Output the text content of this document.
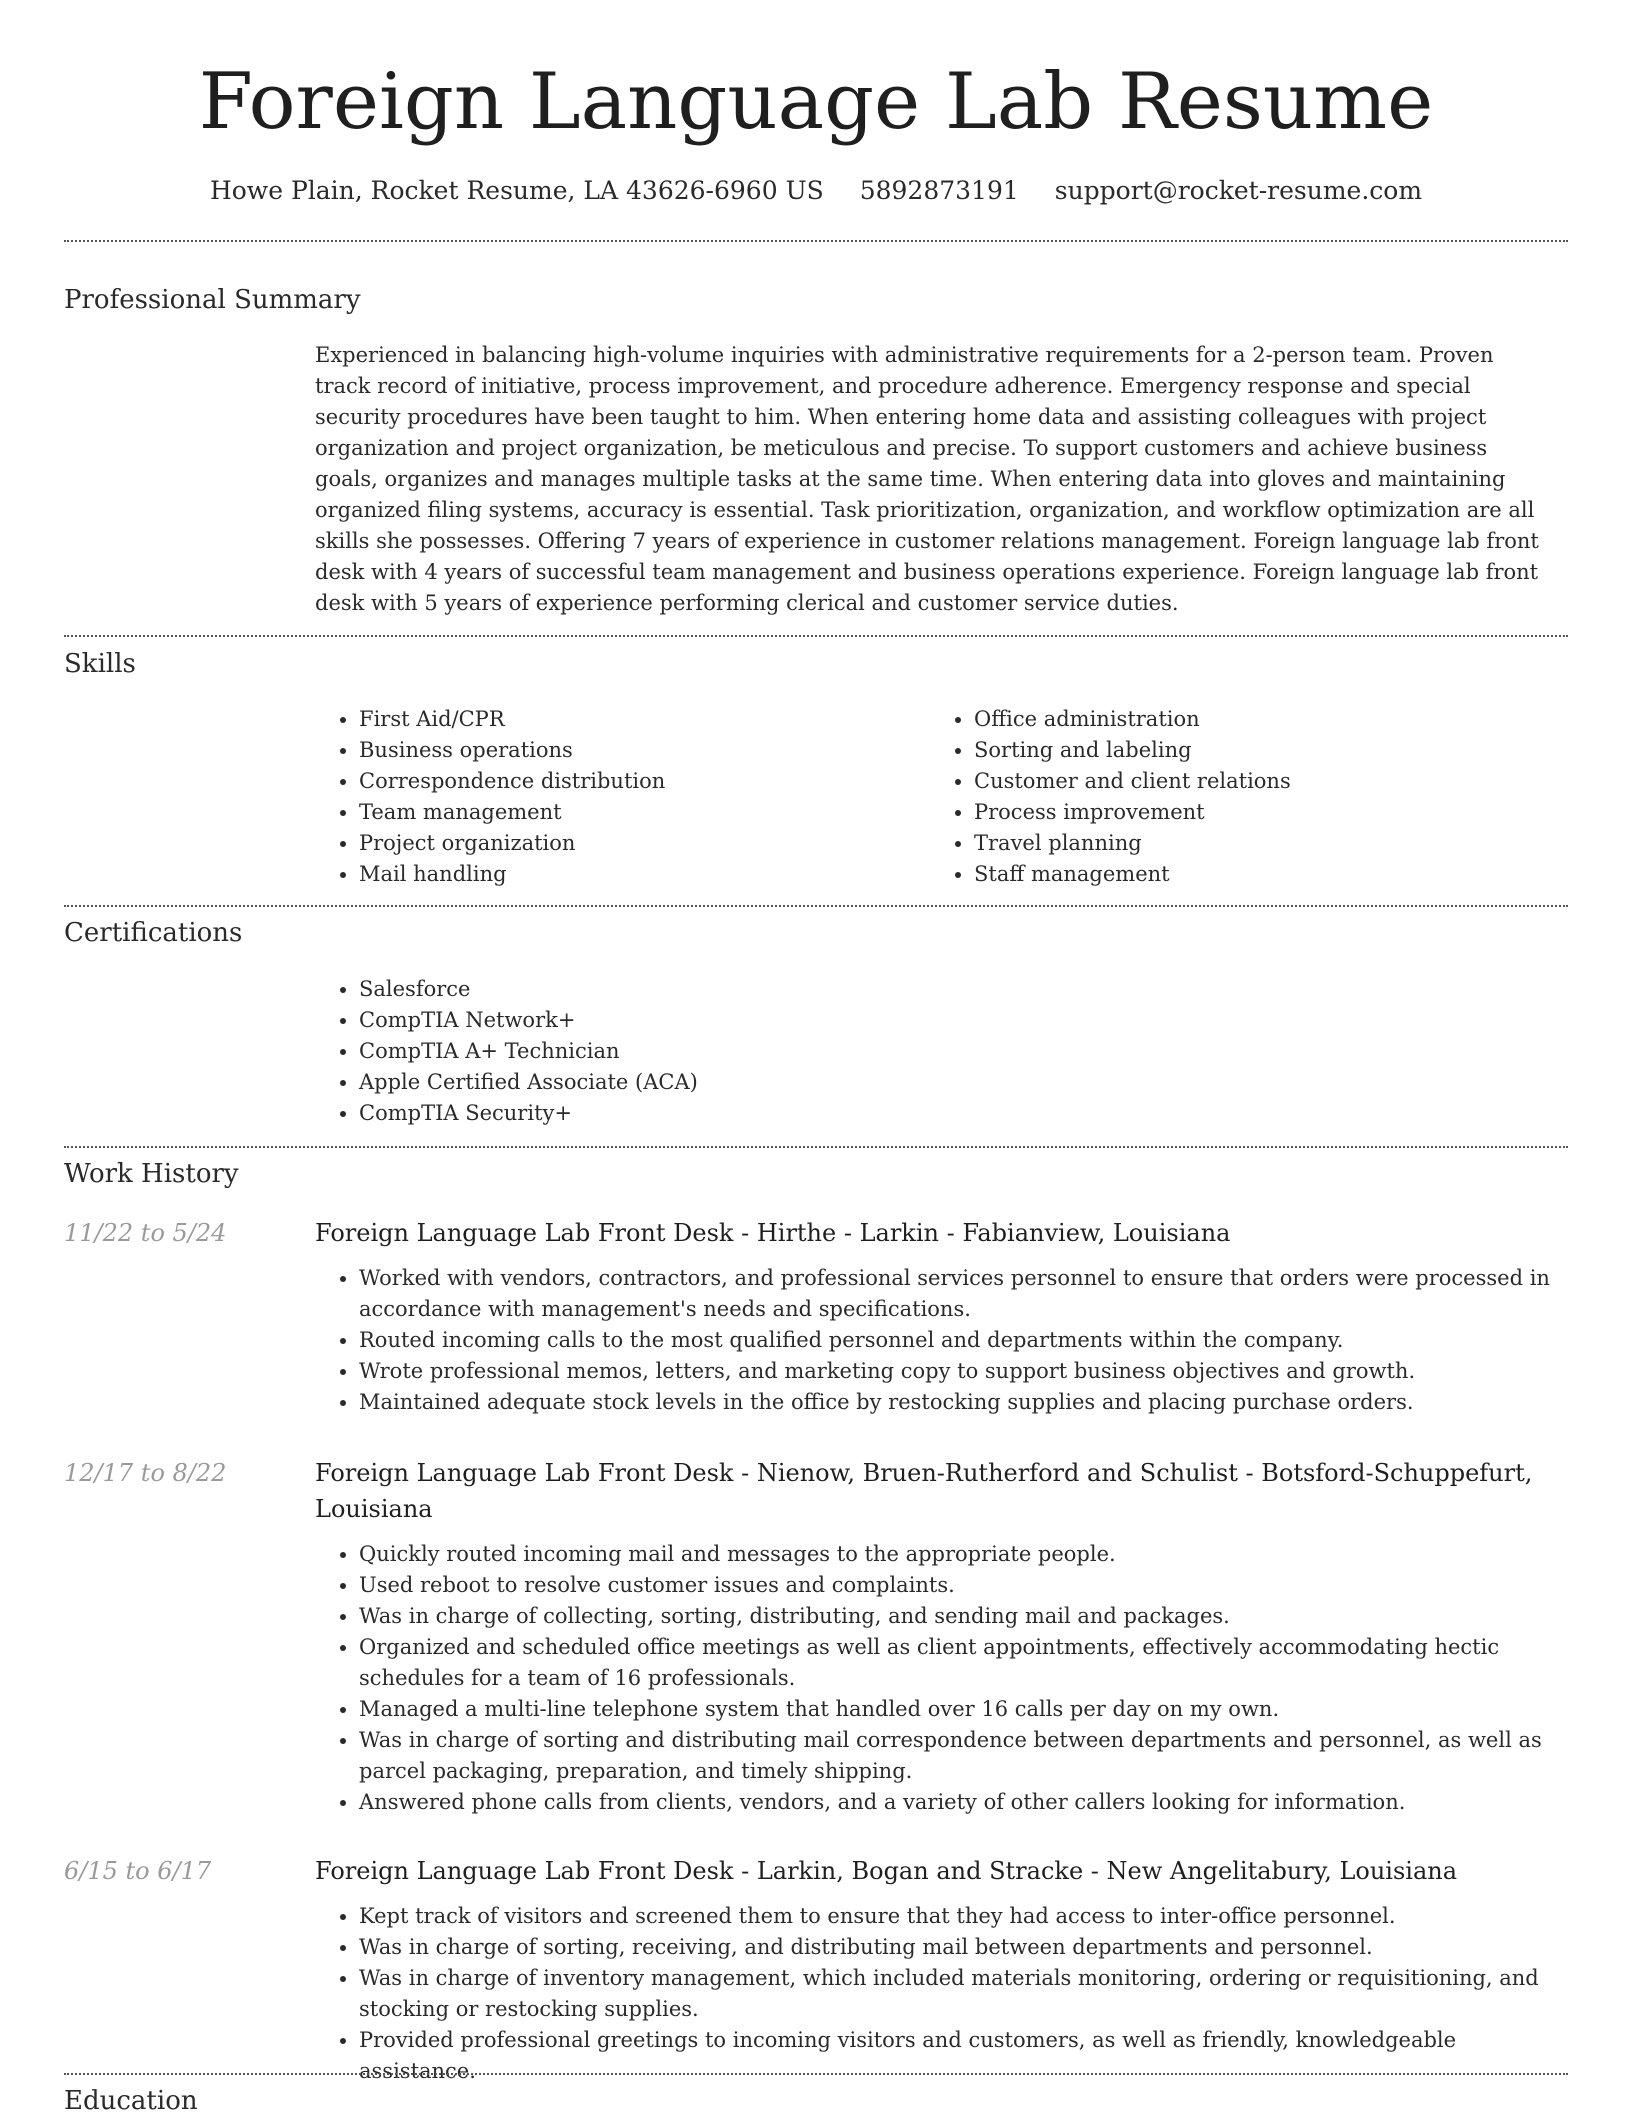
Foreign Language Lab Resume
Howe Plain, Rocket Resume, LA 43626-6960 US 5892873191 support@rocket-resume.com
Professional Summary

Experienced in balancing high-volume inquiries with administrative requirements for a 2-person team. Proven track record of initiative, process improvement, and procedure adherence. Emergency response and special security procedures have been taught to him. When entering home data and assisting colleagues with project organization and project organization, be meticulous and precise. To support customers and achieve business goals, organizes and manages multiple tasks at the same time. When entering data into gloves and maintaining organized filing systems, accuracy is essential. Task prioritization, organization, and workflow optimization are all skills she possesses. Offering 7 years of experience in customer relations management. Foreign language lab front desk with 4 years of successful team management and business operations experience. Foreign language lab front desk with 5 years of experience performing clerical and customer service duties.

Skills
• First Aid/CPR
• Business operations
• Correspondence distribution
• Team management
• Project organization
• Mail handling
• Office administration
• Sorting and labeling
• Customer and client relations
• Process improvement
• Travel planning
• Staff management
Certifications
• Salesforce
• CompTIA Network+
• CompTIA A+ Technician
• Apple Certified Associate (ACA)
• CompTIA Security+
Work History
11/22 to 5/24	Foreign Language Lab Front Desk - Hirthe - Larkin - Fabianview, Louisiana
• Worked with vendors, contractors, and professional services personnel to ensure that orders were processed in accordance with management's needs and specifications.
• Routed incoming calls to the most qualified personnel and departments within the company.
• Wrote professional memos, letters, and marketing copy to support business objectives and growth.
• Maintained adequate stock levels in the office by restocking supplies and placing purchase orders.
12/17 to 8/22	Foreign Language Lab Front Desk - Nienow, Bruen-Rutherford and Schulist - Botsford-Schuppefurt, Louisiana
• Quickly routed incoming mail and messages to the appropriate people.
• Used reboot to resolve customer issues and complaints.
• Was in charge of collecting, sorting, distributing, and sending mail and packages.
• Organized and scheduled office meetings as well as client appointments, effectively accommodating hectic schedules for a team of 16 professionals.
• Managed a multi-line telephone system that handled over 16 calls per day on my own.
• Was in charge of sorting and distributing mail correspondence between departments and personnel, as well as parcel packaging, preparation, and timely shipping.
• Answered phone calls from clients, vendors, and a variety of other callers looking for information.
6/15 to 6/17	Foreign Language Lab Front Desk - Larkin, Bogan and Stracke - New Angelitabury, Louisiana
• Kept track of visitors and screened them to ensure that they had access to inter-office personnel.
• Was in charge of sorting, receiving, and distributing mail between departments and personnel.
• Was in charge of inventory management, which included materials monitoring, ordering or requisitioning, and stocking or restocking supplies.
• Provided professional greetings to incoming visitors and customers, as well as friendly, knowledgeable assistance.
Education
